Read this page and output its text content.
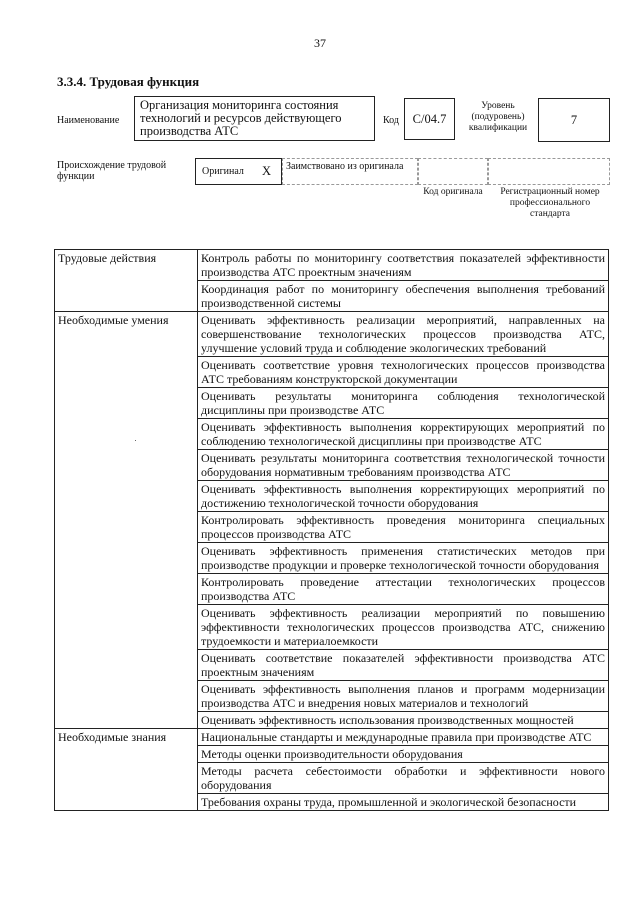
37
3.3.4. Трудовая функция
Наименование
Организация мониторинга состояния технологий и ресурсов действующего производства АТС
Код	C/04.7
Уровень (подуровень) квалификации
7
Происхождение трудовой функции	Оригинал X	Заимствовано из оригинала
Код оригинала	Регистрационный номер профессионального стандарта
Трудовые действия	Контроль работы по мониторингу соответствия показателей эффективности производства АТС проектным значениям
	Координация работ по мониторингу обеспечения выполнения требований производственной системы
Необходимые умения	Оценивать эффективность реализации мероприятий, направленных на совершенствование технологических процессов производства АТС, улучшение условий труда и соблюдение экологических требований
	Оценивать соответствие уровня технологических процессов производства АТС требованиям конструкторской документации
	Оценивать результаты мониторинга соблюдения технологической дисциплины при производстве АТС
	Оценивать эффективность выполнения корректирующих мероприятий по соблюдению технологической дисциплины при производстве АТС
	Оценивать результаты мониторинга соответствия технологической точности оборудования нормативным требованиям производства АТС
	Оценивать эффективность выполнения корректирующих мероприятий по достижению технологической точности оборудования
	Контролировать эффективность проведения мониторинга специальных процессов производства АТС
	Оценивать эффективность применения статистических методов при производстве продукции и проверке технологической точности оборудования
	Контролировать проведение аттестации технологических процессов производства АТС
	Оценивать эффективность реализации мероприятий по повышению эффективности технологических процессов производства АТС, снижению трудоемкости и материалоемкости
	Оценивать соответствие показателей эффективности производства АТС проектным значениям
	Оценивать эффективность выполнения планов и программ модернизации производства АТС и внедрения новых материалов и технологий
	Оценивать эффективность использования производственных мощностей
Необходимые знания	Национальные стандарты и международные правила при производстве АТС
	Методы оценки производительности оборудования
	Методы расчета себестоимости обработки и эффективности нового оборудования
	Требования охраны труда, промышленной и экологической безопасности
